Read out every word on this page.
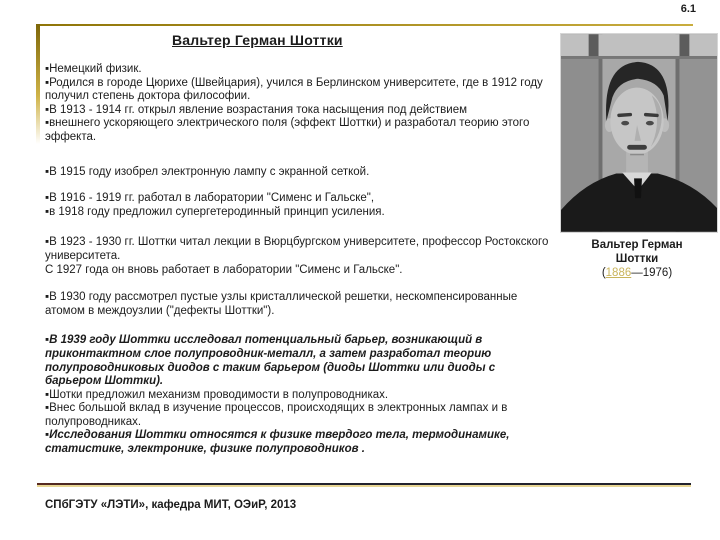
6.1
Вальтер Герман Шоттки
▪Немецкий физик.
▪Родился в городе Цюрихе (Швейцария), учился в Берлинском университете, где в 1912 году получил степень доктора философии.
▪В 1913 - 1914 гг. открыл явление возрастания тока насыщения под действием
▪внешнего ускоряющего электрического поля (эффект Шоттки) и разработал теорию этого эффекта.
▪В 1915 году изобрел электронную лампу с экранной сеткой.
▪В 1916 - 1919 гг. работал в лаборатории "Сименс и Гальске",
▪в 1918 году предложил супергетеродинный принцип усиления.
▪В 1923 - 1930 гг. Шоттки читал лекции в Вюрцбургском университете, профессор Ростокского университета.
С 1927 года он вновь работает в лаборатории "Сименс и Гальске".
▪В 1930 году рассмотрел пустые узлы кристаллической решетки, нескомпенсированные атомом в междоузлии ("дефекты Шоттки").
▪В 1939 году Шоттки исследовал потенциальный барьер, возникающий в приконтактном слое полупроводник-металл, а затем разработал теорию полупроводниковых диодов с таким барьером (диоды Шоттки или диоды с барьером Шоттки).
▪Шотки предложил механизм проводимости в полупроводниках.
▪Внес большой вклад в изучение процессов, происходящих в электронных лампах и в полупроводниках.
▪Исследования Шоттки относятся к физике твердого тела, термодинамике, статистике, электронике, физике полупроводников .
Вальтер Герман
Шоттки
(1886—1976)
СПбГЭТУ «ЛЭТИ», кафедра МИТ, ОЭиР, 2013
